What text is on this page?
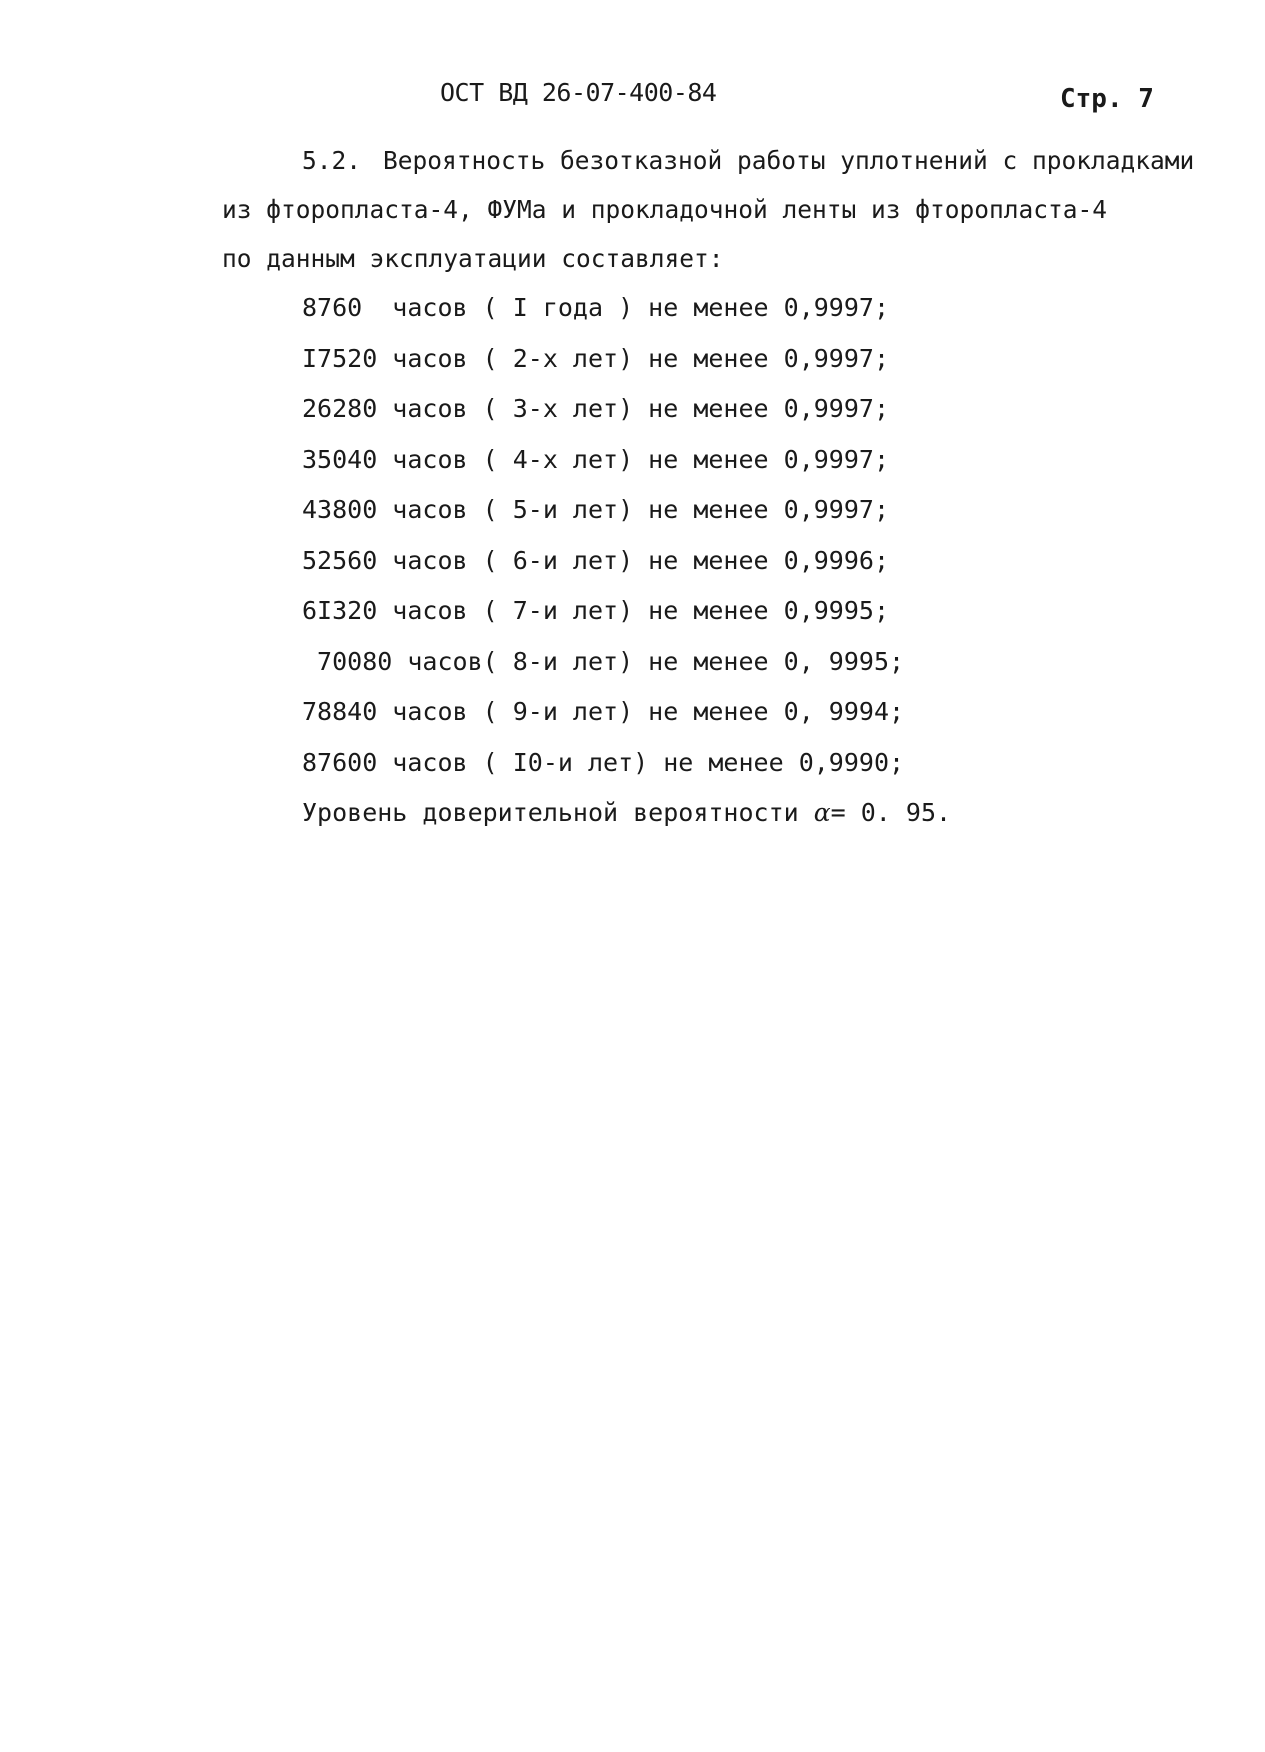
ОСТ ВД 26-07-400-84	Стр. 7
5.2. Вероятность безотказной работы уплотнений с прокладками
из фторопласта-4, ФУМа и прокладочной ленты из фторопласта-4
по данным эксплуатации составляет:
8760  часов ( I года ) не менее 0,9997;
I7520 часов ( 2-х лет) не менее 0,9997;
26280 часов ( 3-х лет) не менее 0,9997;
35040 часов ( 4-х лет) не менее 0,9997;
43800 часов ( 5-и лет) не менее 0,9997;
52560 часов ( 6-и лет) не менее 0,9996;
6I320 часов ( 7-и лет) не менее 0,9995;
70080 часов( 8-и лет) не менее 0, 9995;
78840 часов ( 9-и лет) не менее 0, 9994;
87600 часов ( I0-и лет) не менее 0,9990;
Уровень доверительной вероятности α= 0. 95.
